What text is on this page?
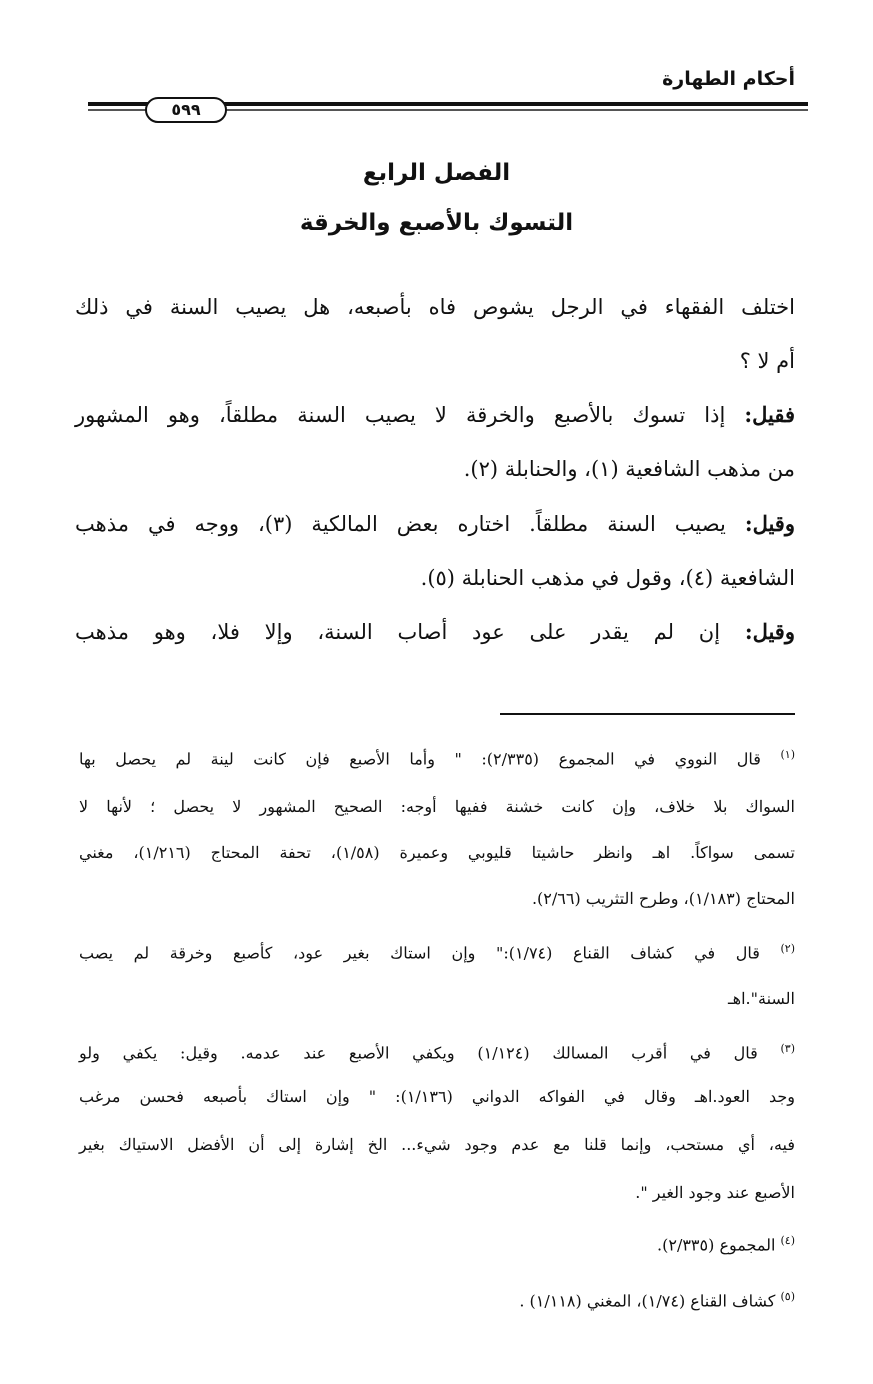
أحكام الطهارة
٥٩٩
الفصل الرابع
التسوك بالأصبع والخرقة
اختلف الفقهاء في الرجل يشوص فاه بأصبعه، هل يصيب السنة في ذلك
أم لا ؟
فقيل: إذا تسوك بالأصبع والخرقة لا يصيب السنة مطلقاً، وهو المشهور
من مذهب الشافعية (١)، والحنابلة (٢).
وقيل: يصيب السنة مطلقاً. اختاره بعض المالكية (٣)، ووجه في مذهب
الشافعية (٤)، وقول في مذهب الحنابلة (٥).
وقيل: إن لم يقدر على عود أصاب السنة، وإلا فلا، وهو مذهب
$^{(١)}$ قال النووي في المجموع (٢/٣٣٥): " وأما الأصبع فإن كانت لينة لم يحصل بها
السواك بلا خلاف، وإن كانت خشنة ففيها أوجه: الصحيح المشهور لا يحصل ؛ لأنها لا
تسمى سواكاً. اهـ وانظر حاشيتا قليوبي وعميرة (١/٥٨)، تحفة المحتاج (١/٢١٦)، مغني
المحتاج (١/١٨٣)، وطرح التثريب (٢/٦٦).
$^{(٢)}$ قال في كشاف القناع (١/٧٤):" وإن استاك بغير عود، كأصبع وخرقة لم يصب
السنة".اهـ
$^{(٣)}$ قال في أقرب المسالك (١/١٢٤) ويكفي الأصبع عند عدمه. وقيل: يكفي ولو
وجد العود.اهـ وقال في الفواكه الدواني (١/١٣٦): " وإن استاك بأصبعه فحسن مرغب
فيه، أي مستحب، وإنما قلنا مع عدم وجود شيء... الخ إشارة إلى أن الأفضل الاستياك بغير
الأصبع عند وجود الغير ".
$^{(٤)}$ المجموع (٢/٣٣٥).
$^{(٥)}$ كشاف القناع (١/٧٤)، المغني (١/١١٨) .
